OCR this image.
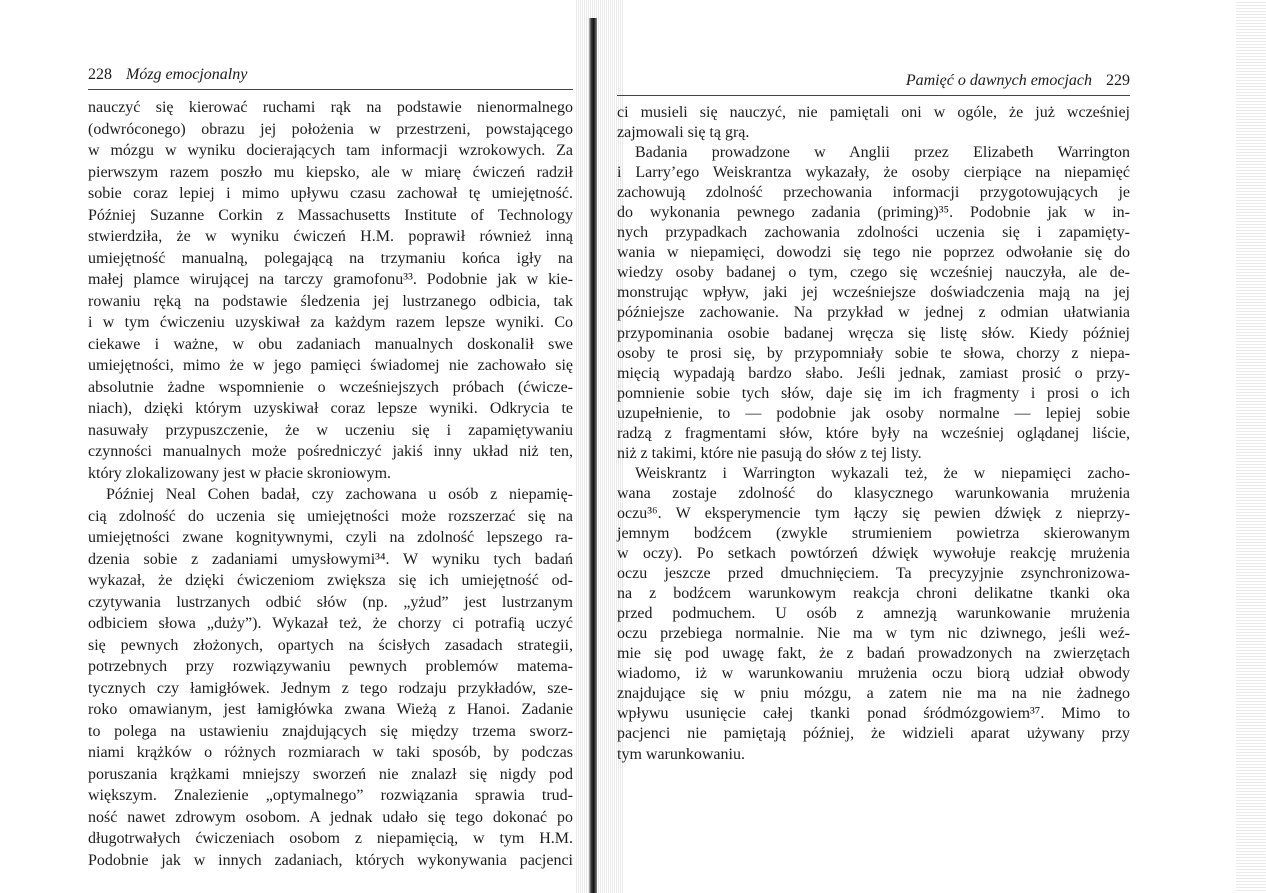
228 Mózg emocjonalny
nauczyć się kierować ruchami rąk na podstawie nienormalnego
(odwróconego) obrazu jej położenia w przestrzeni, powstającego
w mózgu w wyniku docierających tam informacji wzrokowych. Za
pierwszym razem poszło mu kiepsko, ale w miarę ćwiczeń radził
sobie coraz lepiej i mimo upływu czasu zachował tę umiejętność.
Później Suzanne Corkin z Massachusetts Institute of Technology
stwierdziła, że w wyniku ćwiczeń H.M. poprawił również inną
umiejętność manualną, polegającą na trzymaniu końca igły na
małej plamce wirującej na tarczy gramofonu³³. Podobnie jak w kie-
rowaniu ręką na podstawie śledzenia jej lustrzanego odbicia, tak
i w tym ćwiczeniu uzyskiwał za każdym razem lepsze wyniki. Co
ciekawe i ważne, w obu zadaniach manualnych doskonalił swe
umiejętności, mimo że w jego pamięci świadomej nie zachowało się
absolutnie żadne wspomnienie o wcześniejszych próbach (ćwicze-
niach), dzięki którym uzyskiwał coraz lepsze wyniki. Odkrycia te
nasuwały przypuszczenie, że w uczeniu się i zapamiętywaniu
czynności manualnych może pośredniczyć jakiś inny układ niż ten,
który zlokalizowany jest w płacie skroniowym.
Później Neal Cohen badał, czy zachowana u osób z niepamię-
cią zdolność do uczenia się umiejętności może rozszerzać się na
umiejętności zwane kognitywnymi, czyli na zdolność lepszego ra-
dzenia sobie z zadaniami umysłowymi³⁴. W wyniku tych badań
wykazał, że dzięki ćwiczeniom zwiększa się ich umiejętność od-
czytywania lustrzanych odbić słów (np. „yżud” jest lustrzanym
odbiciem słowa „duży”). Wykazał też, że chorzy ci potrafią uczyć
się pewnych złożonych, opartych na ścisłych zasadach strategii,
potrzebnych przy rozwiązywaniu pewnych problemów matema-
tycznych czy łamigłówek. Jednym z tego rodzaju przykładów, sze-
roko omawianym, jest łamigłówka zwana Wieżą z Hanoi. Zadanie
to polega na ustawieniu znajdujących się między trzema sworz-
niami krążków o różnych rozmiarach w taki sposób, by podczas
poruszania krążkami mniejszy sworzeń nie znalazł się nigdy pod
większym. Znalezienie „optymalnego” rozwiązania sprawia trud-
ność nawet zdrowym osobom. A jednak udało się tego dokonać po
długotrwałych ćwiczeniach osobom z niepamięcią, w tym H.M.
Podobnie jak w innych zadaniach, których wykonywania pacjenci
Pamięć o dawnych emocjach 229
ci musieli się nauczyć, nie pamiętali oni w ogóle, że już wcześniej
zajmowali się tą grą.
Badania prowadzone w Anglii przez Elizabeth Warrington
i Larry’ego Weiskrantza wykazały, że osoby cierpiące na niepamięć
zachowują zdolność przechowania informacji przygotowujących je
do wykonania pewnego zadania (priming)³⁵. Podobnie jak w in-
nych przypadkach zachowania zdolności uczenia się i zapamięty-
wania w niepamięci, dowodzi się tego nie poprzez odwołanie się do
wiedzy osoby badanej o tym, czego się wcześniej nauczyła, ale de-
monstrując wpływ, jaki jej wcześniejsze doświadczenia mają na jej
późniejsze zachowanie. Na przykład w jednej z odmian ułatwiania
przypominania osobie badanej wręcza się listę słów. Kiedy później
osoby te prosi się, by przypomniały sobie te słowa, chorzy z niepa-
mięcią wypadają bardzo słabo. Jeśli jednak, zamiast prosić o przy-
pomnienie sobie tych słów, daje się im ich fragmenty i prosi o ich
uzupełnienie, to — podobnie jak osoby normalne — lepiej sobie
radzą z fragmentami słów, które były na wcześniej oglądanej liście,
niż z takimi, które nie pasują do słów z tej listy.
Weiskrantz i Warrington wykazali też, że w niepamięci zacho-
wana zostaje zdolność do klasycznego warunkowania mrużenia
oczu³⁶. W eksperymencie tym łączy się pewien dźwięk z nieprzy-
jemnym bodźcem (zwykle strumieniem powietrza skierowanym
w oczy). Po setkach powtórzeń dźwięk wywołuje reakcję mrużenia
oczu jeszcze przed dmuchnięciem. Ta precyzyjnie zsynchronizowa-
na z bodźcem warunkowym reakcja chroni delikatne tkanki oka
przed podmuchem. U osób z amnezją warunkowanie mrużenia
oczu przebiega normalnie. Nie ma w tym nic dziwnego, jeśli weź-
mie się pod uwagę fakt, że z badań prowadzonych na zwierzętach
wiadomo, iż w warunkowaniu mrużenia oczu biorą udział obwody
znajdujące się w pniu mózgu, a zatem nie ma na nie żadnego
wpływu usunięcie całej tkanki ponad śródmózgowiem³⁷. Mimo to
pacjenci nie pamiętają później, że widzieli aparat używany przy
tym warunkowaniu.
